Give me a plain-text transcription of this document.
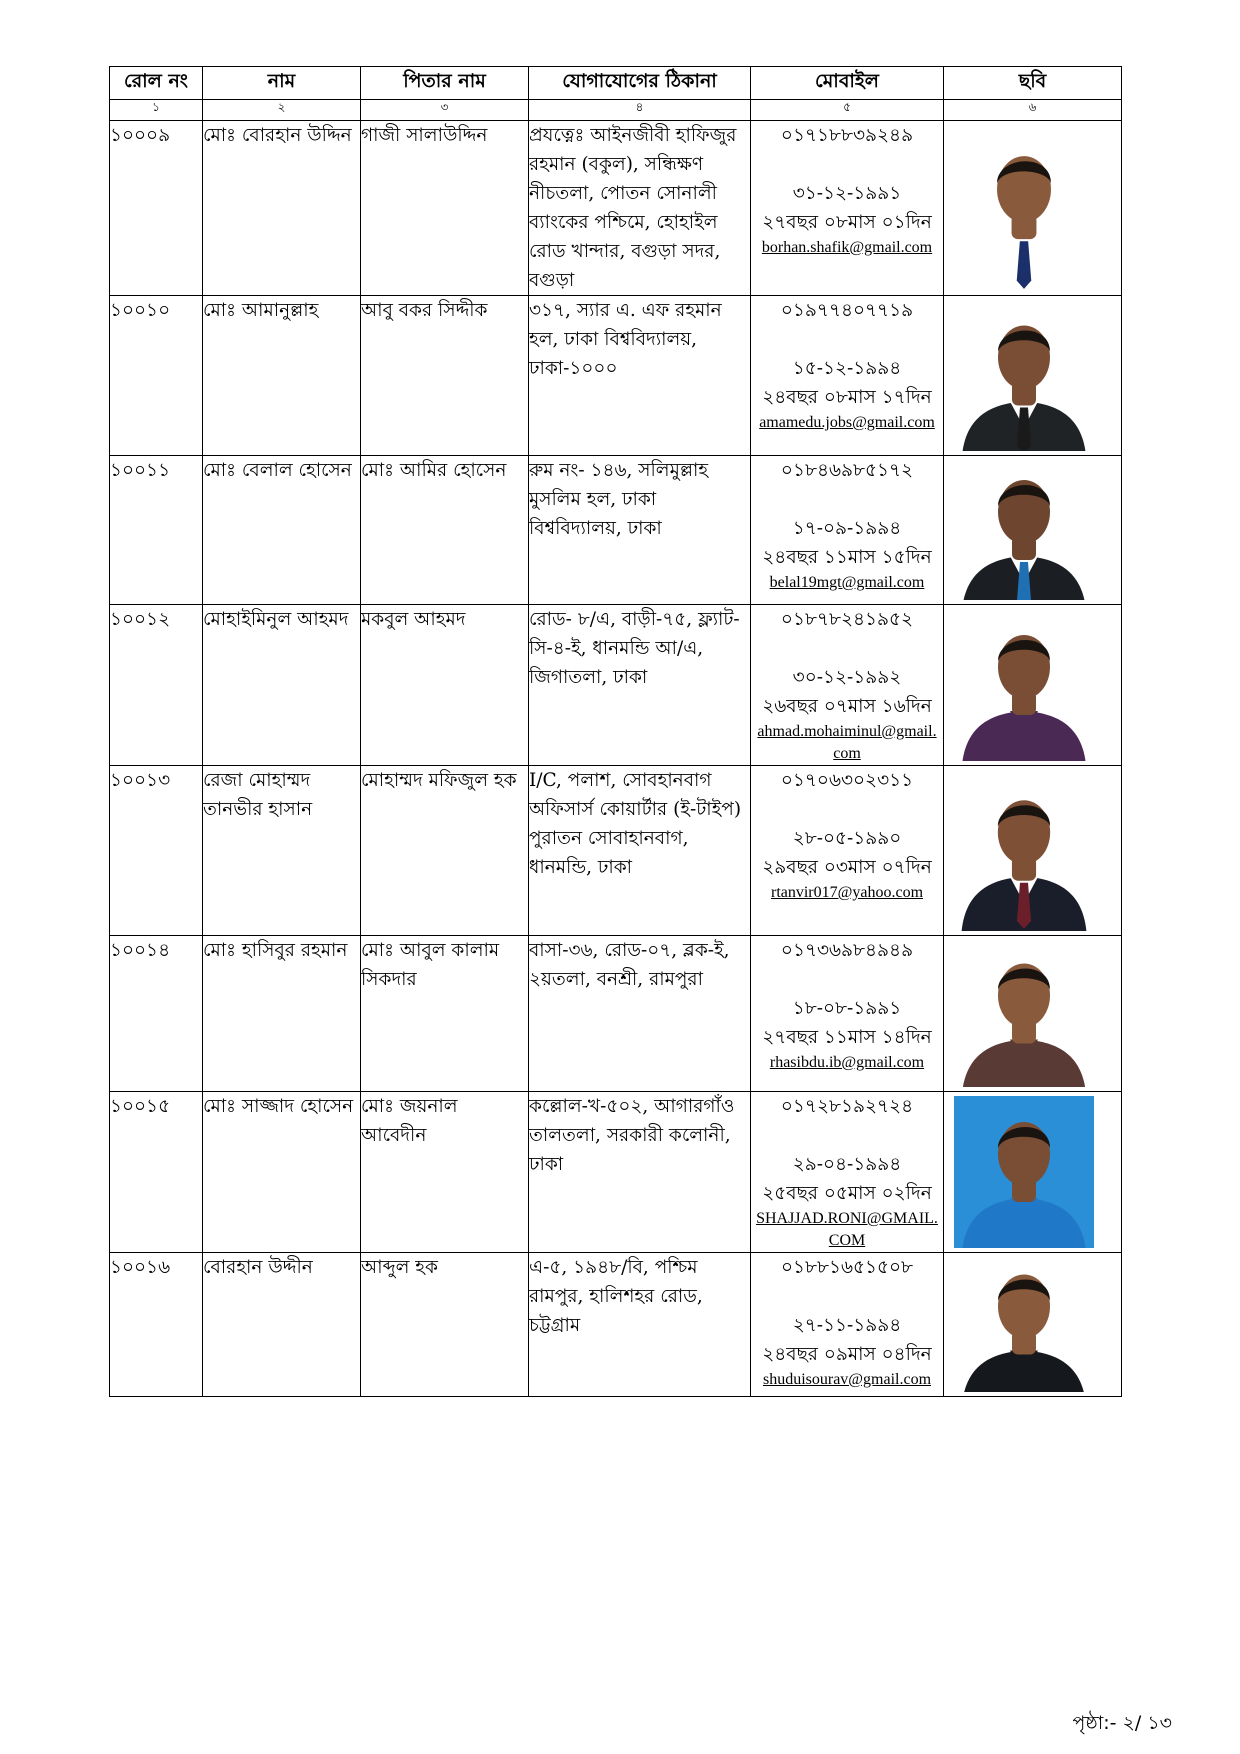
রোল নং	নাম	পিতার নাম	যোগাযোগের ঠিকানা	মোবাইল	ছবি
১	২	৩	৪	৫	৬
১০০০৯	মোঃ বোরহান উদ্দিন	গাজী সালাউদ্দিন	প্রযত্নেঃ আইনজীবী হাফিজুর রহমান (বকুল), সন্ধিক্ষণ নীচতলা, পোতন সোনালী ব্যাংকের পশ্চিমে, হোহাইল রোড খান্দার, বগুড়া সদর, বগুড়া	০১৭১৮৮৩৯২৪৯
৩১-১২-১৯৯১
২৭বছর ০৮মাস ০১দিন
borhan.shafik@gmail.com

১০০১০	মোঃ আমানুল্লাহ	আবু বকর সিদ্দীক	৩১৭, স্যার এ. এফ রহমান হল, ঢাকা বিশ্ববিদ্যালয়, ঢাকা-১০০০	০১৯৭৭৪০৭৭১৯
১৫-১২-১৯৯৪
২৪বছর ০৮মাস ১৭দিন
amamedu.jobs@gmail.com

১০০১১	মোঃ বেলাল হোসেন	মোঃ আমির হোসেন	রুম নং- ১৪৬, সলিমুল্লাহ মুসলিম হল, ঢাকা বিশ্ববিদ্যালয়, ঢাকা	০১৮৪৬৯৮৫১৭২
১৭-০৯-১৯৯৪
২৪বছর ১১মাস ১৫দিন
belal19mgt@gmail.com

১০০১২	মোহাইমিনুল আহমদ	মকবুল আহমদ	রোড- ৮/এ, বাড়ী-৭৫, ফ্ল্যাট- সি-৪-ই, ধানমন্ডি আ/এ, জিগাতলা, ঢাকা	০১৮৭৮২৪১৯৫২
৩০-১২-১৯৯২
২৬বছর ০৭মাস ১৬দিন
ahmad.mohaiminul@gmail.com

১০০১৩	রেজা মোহাম্মদ তানভীর হাসান	মোহাম্মদ মফিজুল হক	I/C, পলাশ, সোবহানবাগ অফিসার্স কোয়ার্টার (ই-টাইপ) পুরাতন সোবাহানবাগ, ধানমন্ডি, ঢাকা	০১৭০৬৩০২৩১১
২৮-০৫-১৯৯০
২৯বছর ০৩মাস ০৭দিন
rtanvir017@yahoo.com

১০০১৪	মোঃ হাসিবুর রহমান	মোঃ আবুল কালাম সিকদার	বাসা-৩৬, রোড-০৭, ব্লক-ই, ২য়তলা, বনশ্রী, রামপুরা	০১৭৩৬৯৮৪৯৪৯
১৮-০৮-১৯৯১
২৭বছর ১১মাস ১৪দিন
rhasibdu.ib@gmail.com

১০০১৫	মোঃ সাজ্জাদ হোসেন	মোঃ জয়নাল আবেদীন	কল্লোল-খ-৫০২, আগারগাঁও তালতলা, সরকারী কলোনী, ঢাকা	০১৭২৮১৯২৭২৪
২৯-০৪-১৯৯৪
২৫বছর ০৫মাস ০২দিন
SHAJJAD.RONI@GMAIL.COM

১০০১৬	বোরহান উদ্দীন	আব্দুল হক	এ-৫, ১৯৪৮/বি, পশ্চিম রামপুর, হালিশহর রোড, চট্টগ্রাম	০১৮৮১৬৫১৫০৮
২৭-১১-১৯৯৪
২৪বছর ০৯মাস ০৪দিন
shuduisourav@gmail.com

পৃষ্ঠা:- ২/ ১৩
